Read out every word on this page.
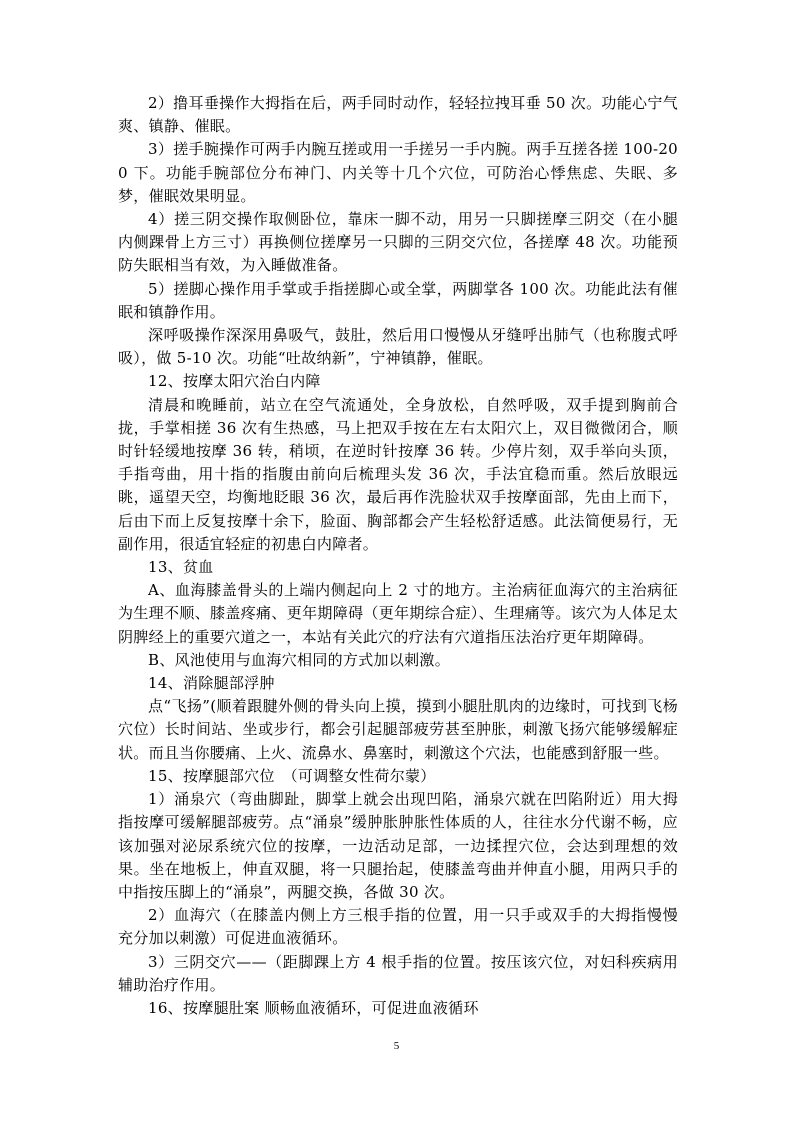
2）撸耳垂操作大拇指在后，两手同时动作，轻轻拉拽耳垂 50 次。功能心宁气爽、镇静、催眠。

3）搓手腕操作可两手内腕互搓或用一手搓另一手内腕。两手互搓各搓 100-200 下。功能手腕部位分布神门、内关等十几个穴位，可防治心悸焦虑、失眠、多梦，催眠效果明显。

4）搓三阴交操作取侧卧位，靠床一脚不动，用另一只脚搓摩三阴交（在小腿内侧踝骨上方三寸）再换侧位搓摩另一只脚的三阴交穴位，各搓摩 48 次。功能预防失眠相当有效，为入睡做准备。

5）搓脚心操作用手掌或手指搓脚心或全掌，两脚掌各 100 次。功能此法有催眠和镇静作用。

深呼吸操作深深用鼻吸气，鼓肚，然后用口慢慢从牙缝呼出肺气（也称腹式呼吸），做 5-10 次。功能“吐故纳新”，宁神镇静，催眠。

12、按摩太阳穴治白内障

清晨和晚睡前，站立在空气流通处，全身放松，自然呼吸，双手提到胸前合拢，手掌相搓 36 次有生热感，马上把双手按在左右太阳穴上，双目微微闭合，顺时针轻缓地按摩 36 转，稍顷，在逆时针按摩 36 转。少停片刻，双手举向头顶，手指弯曲，用十指的指腹由前向后梳理头发 36 次，手法宜稳而重。然后放眼远眺，遥望天空，均衡地眨眼 36 次，最后再作洗脸状双手按摩面部，先由上而下，后由下而上反复按摩十余下，脸面、胸部都会产生轻松舒适感。此法简便易行，无副作用，很适宜轻症的初患白内障者。

13、贫血

A、血海膝盖骨头的上端内侧起向上 2 寸的地方。主治病征血海穴的主治病征为生理不顺、膝盖疼痛、更年期障碍（更年期综合症）、生理痛等。该穴为人体足太阴脾经上的重要穴道之一，本站有关此穴的疗法有穴道指压法治疗更年期障碍。

B、风池使用与血海穴相同的方式加以刺激。

14、消除腿部浮肿

点“飞扬”(顺着跟腱外侧的骨头向上摸，摸到小腿肚肌肉的边缘时，可找到飞杨穴位）长时间站、坐或步行，都会引起腿部疲劳甚至肿胀，刺激飞扬穴能够缓解症状。而且当你腰痛、上火、流鼻水、鼻塞时，刺激这个穴法，也能感到舒服一些。

15、按摩腿部穴位　（可调整女性荷尔蒙）

1）涌泉穴（弯曲脚趾，脚掌上就会出现凹陷，涌泉穴就在凹陷附近）用大拇指按摩可缓解腿部疲劳。点“涌泉”缓肿胀肿胀性体质的人，往往水分代谢不畅，应该加强对泌尿系统穴位的按摩，一边活动足部，一边揉捏穴位，会达到理想的效果。坐在地板上，伸直双腿，将一只腿抬起，使膝盖弯曲并伸直小腿，用两只手的中指按压脚上的“涌泉”，两腿交换，各做 30 次。

2）血海穴（在膝盖内侧上方三根手指的位置，用一只手或双手的大拇指慢慢充分加以刺激）可促进血液循环。

3）三阴交穴——（距脚踝上方 4 根手指的位置。按压该穴位，对妇科疾病用辅助治疗作用。

16、按摩腿肚案 顺畅血液循环，可促进血液循环

5
